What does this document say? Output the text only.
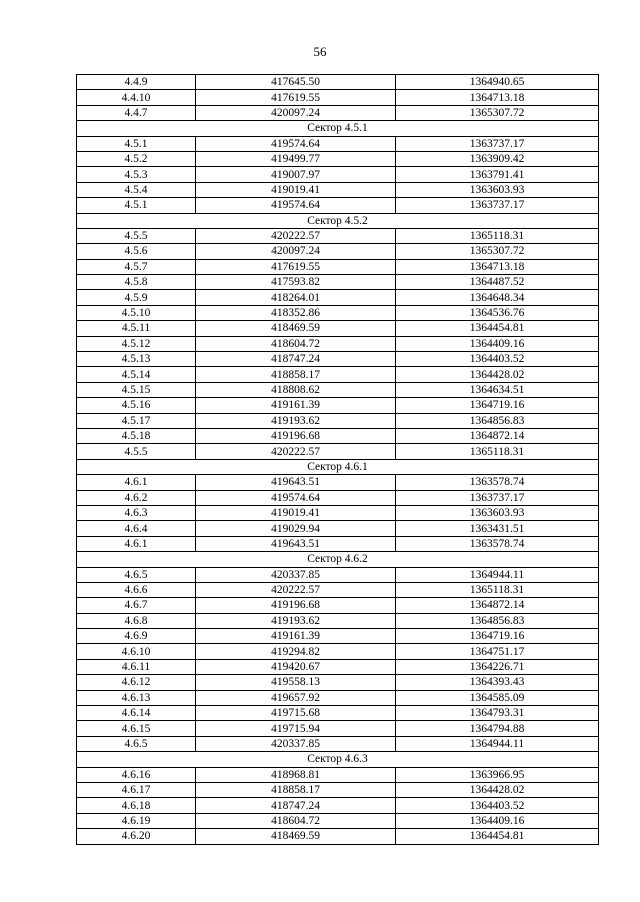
56
4.4.9	417645.50	1364940.65
4.4.10	417619.55	1364713.18
4.4.7	420097.24	1365307.72
Сектор 4.5.1		
4.5.1	419574.64	1363737.17
4.5.2	419499.77	1363909.42
4.5.3	419007.97	1363791.41
4.5.4	419019.41	1363603.93
4.5.1	419574.64	1363737.17
Сектор 4.5.2		
4.5.5	420222.57	1365118.31
4.5.6	420097.24	1365307.72
4.5.7	417619.55	1364713.18
4.5.8	417593.82	1364487.52
4.5.9	418264.01	1364648.34
4.5.10	418352.86	1364536.76
4.5.11	418469.59	1364454.81
4.5.12	418604.72	1364409.16
4.5.13	418747.24	1364403.52
4.5.14	418858.17	1364428.02
4.5.15	418808.62	1364634.51
4.5.16	419161.39	1364719.16
4.5.17	419193.62	1364856.83
4.5.18	419196.68	1364872.14
4.5.5	420222.57	1365118.31
Сектор 4.6.1		
4.6.1	419643.51	1363578.74
4.6.2	419574.64	1363737.17
4.6.3	419019.41	1363603.93
4.6.4	419029.94	1363431.51
4.6.1	419643.51	1363578.74
Сектор 4.6.2		
4.6.5	420337.85	1364944.11
4.6.6	420222.57	1365118.31
4.6.7	419196.68	1364872.14
4.6.8	419193.62	1364856.83
4.6.9	419161.39	1364719.16
4.6.10	419294.82	1364751.17
4.6.11	419420.67	1364226.71
4.6.12	419558.13	1364393.43
4.6.13	419657.92	1364585.09
4.6.14	419715.68	1364793.31
4.6.15	419715.94	1364794.88
4.6.5	420337.85	1364944.11
Сектор 4.6.3		
4.6.16	418968.81	1363966.95
4.6.17	418858.17	1364428.02
4.6.18	418747.24	1364403.52
4.6.19	418604.72	1364409.16
4.6.20	418469.59	1364454.81
